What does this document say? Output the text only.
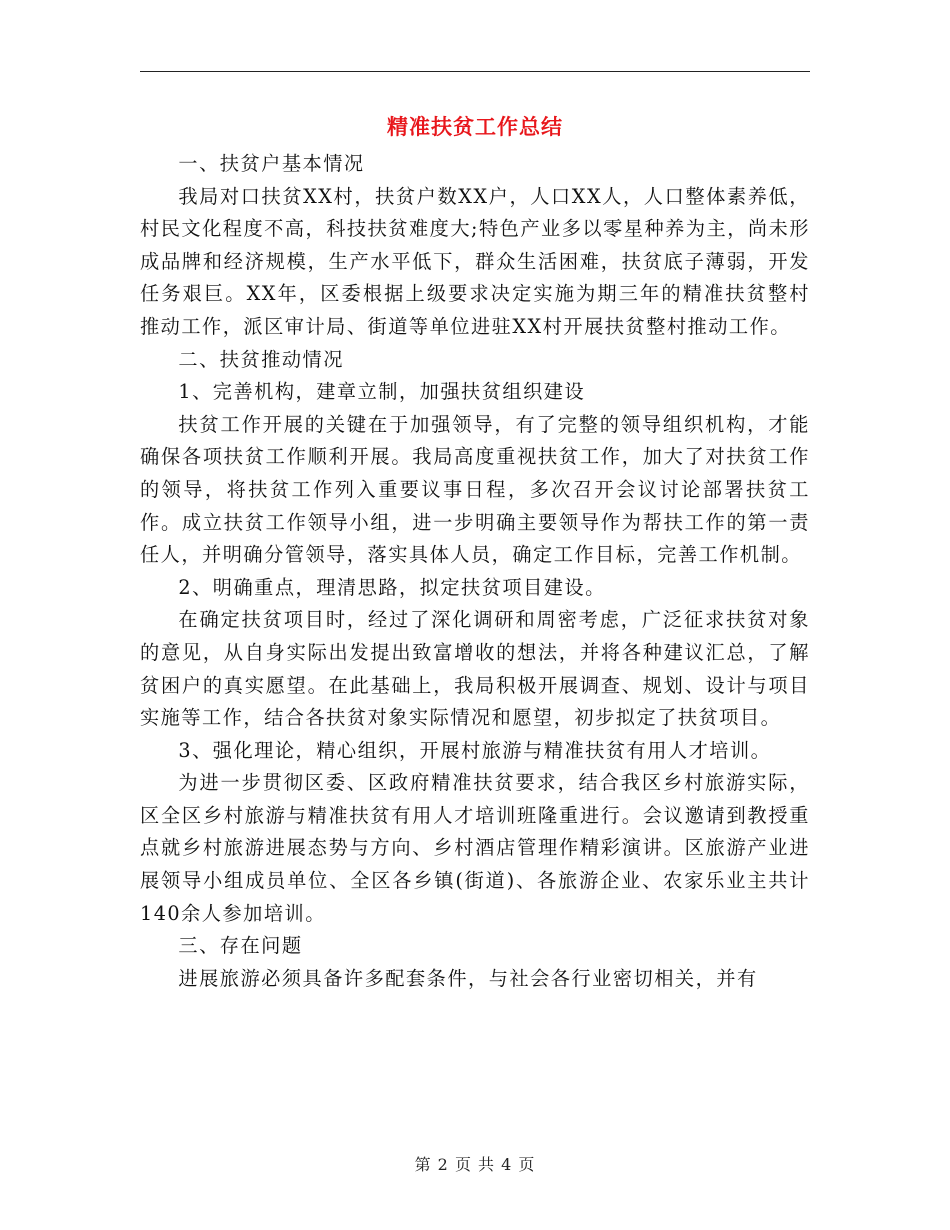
精准扶贫工作总结

一、扶贫户基本情况

我局对口扶贫XX村，扶贫户数XX户，人口XX人，人口整体素养低，村民文化程度不高，科技扶贫难度大;特色产业多以零星种养为主，尚未形成品牌和经济规模，生产水平低下，群众生活困难，扶贫底子薄弱，开发任务艰巨。XX年，区委根据上级要求决定实施为期三年的精准扶贫整村推动工作，派区审计局、街道等单位进驻XX村开展扶贫整村推动工作。

二、扶贫推动情况

1、完善机构，建章立制，加强扶贫组织建设

扶贫工作开展的关键在于加强领导，有了完整的领导组织机构，才能确保各项扶贫工作顺利开展。我局高度重视扶贫工作，加大了对扶贫工作的领导，将扶贫工作列入重要议事日程，多次召开会议讨论部署扶贫工作。成立扶贫工作领导小组，进一步明确主要领导作为帮扶工作的第一责任人，并明确分管领导，落实具体人员，确定工作目标，完善工作机制。

2、明确重点，理清思路，拟定扶贫项目建设。

在确定扶贫项目时，经过了深化调研和周密考虑，广泛征求扶贫对象的意见，从自身实际出发提出致富增收的想法，并将各种建议汇总，了解贫困户的真实愿望。在此基础上，我局积极开展调查、规划、设计与项目实施等工作，结合各扶贫对象实际情况和愿望，初步拟定了扶贫项目。

3、强化理论，精心组织，开展村旅游与精准扶贫有用人才培训。

为进一步贯彻区委、区政府精准扶贫要求，结合我区乡村旅游实际，区全区乡村旅游与精准扶贫有用人才培训班隆重进行。会议邀请到教授重点就乡村旅游进展态势与方向、乡村酒店管理作精彩演讲。区旅游产业进展领导小组成员单位、全区各乡镇(街道)、各旅游企业、农家乐业主共计140余人参加培训。

三、存在问题

进展旅游必须具备许多配套条件，与社会各行业密切相关，并有

第 2 页 共 4 页
